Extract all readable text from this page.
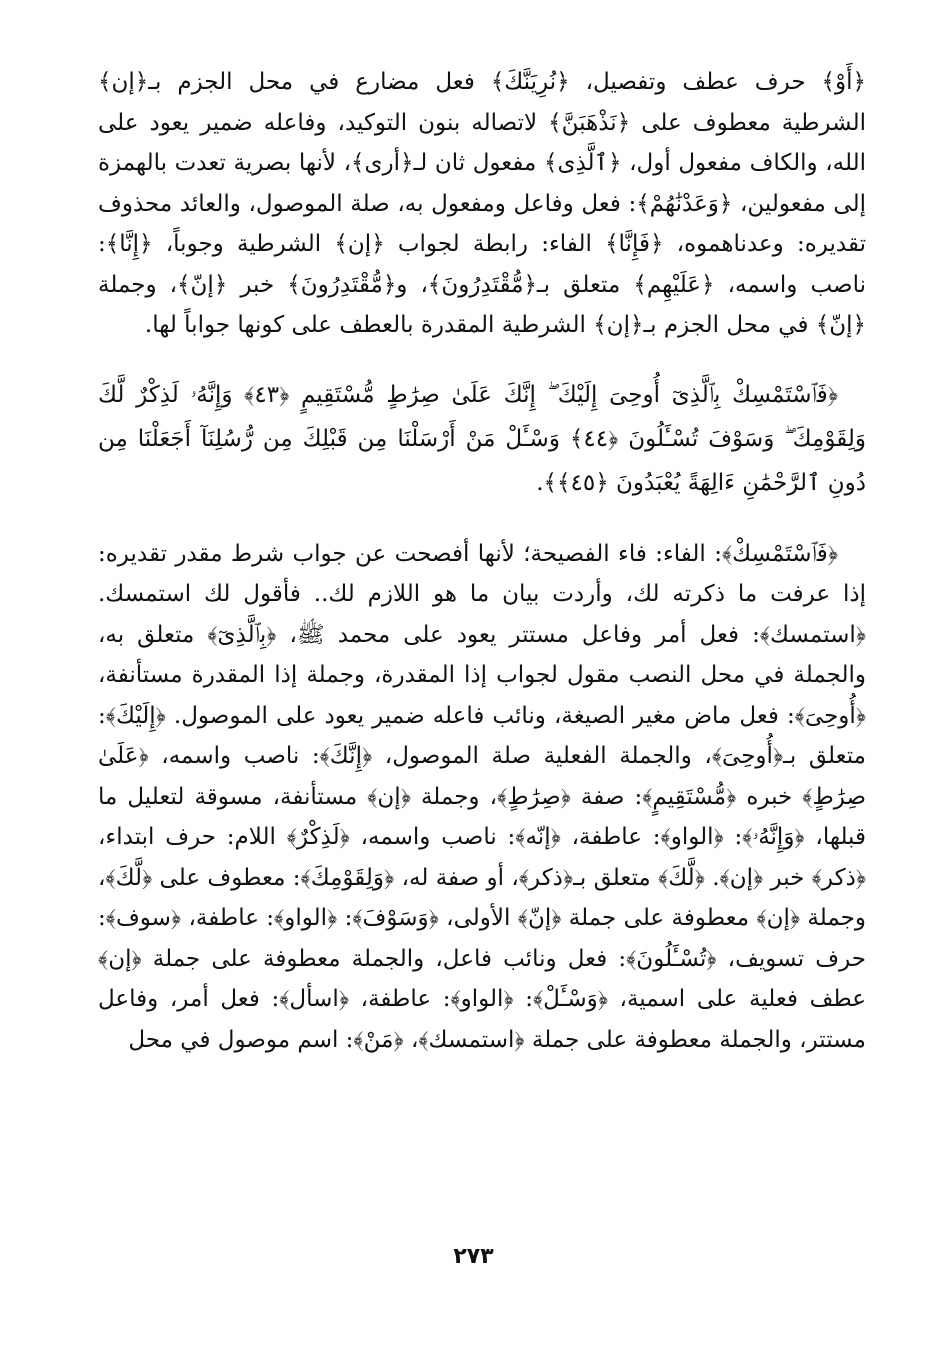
﴿أَوْ﴾ حرف عطف وتفصيل، ﴿نُرِيَنَّكَ﴾ فعل مضارع في محل الجزم بـ﴿إن﴾ الشرطية معطوف على ﴿نَذْهَبَنَّ﴾ لاتصاله بنون التوكيد، وفاعله ضمير يعود على الله، والكاف مفعول أول، ﴿ٱلَّذِى﴾ مفعول ثان لـ﴿أرى﴾، لأنها بصرية تعدت بالهمزة إلى مفعولين، ﴿وَعَدْنَٰهُمْ﴾: فعل وفاعل ومفعول به، صلة الموصول، والعائد محذوف تقديره: وعدناهموه، ﴿فَإِنَّا﴾ الفاء: رابطة لجواب ﴿إن﴾ الشرطية وجوباً، ﴿إِنَّا﴾: ناصب واسمه، ﴿عَلَيْهِم﴾ متعلق بـ﴿مُّقْتَدِرُونَ﴾، و﴿مُّقْتَدِرُونَ﴾ خبر ﴿إنّ﴾، وجملة ﴿إنّ﴾ في محل الجزم بـ﴿إن﴾ الشرطية المقدرة بالعطف على كونها جواباً لها.

﴿فَٱسْتَمْسِكْ بِٱلَّذِىٓ أُوحِىَ إِلَيْكَ ۖ إِنَّكَ عَلَىٰ صِرَٰطٍ مُّسْتَقِيمٍ ﴿٤٣﴾ وَإِنَّهُۥ لَذِكْرٌ لَّكَ وَلِقَوْمِكَ ۖ وَسَوْفَ تُسْـَٔلُونَ ﴿٤٤﴾ وَسْـَٔلْ مَنْ أَرْسَلْنَا مِن قَبْلِكَ مِن رُّسُلِنَآ أَجَعَلْنَا مِن دُونِ ٱلرَّحْمَٰنِ ءَالِهَةً يُعْبَدُونَ ﴿٤٥﴾﴾.

﴿فَٱسْتَمْسِكْ﴾: الفاء: فاء الفصيحة؛ لأنها أفصحت عن جواب شرط مقدر تقديره: إذا عرفت ما ذكرته لك، وأردت بيان ما هو اللازم لك.. فأقول لك استمسك. ﴿استمسك﴾: فعل أمر وفاعل مستتر يعود على محمد ﷺ، ﴿بِٱلَّذِىٓ﴾ متعلق به، والجملة في محل النصب مقول لجواب إذا المقدرة، وجملة إذا المقدرة مستأنفة، ﴿أُوحِىَ﴾: فعل ماض مغير الصيغة، ونائب فاعله ضمير يعود على الموصول. ﴿إِلَيْكَ﴾: متعلق بـ﴿أُوحِىَ﴾، والجملة الفعلية صلة الموصول، ﴿إِنَّكَ﴾: ناصب واسمه، ﴿عَلَىٰ صِرَٰطٍ﴾ خبره ﴿مُّسْتَقِيمٍ﴾: صفة ﴿صِرَٰطٍ﴾، وجملة ﴿إن﴾ مستأنفة، مسوقة لتعليل ما قبلها، ﴿وَإِنَّهُۥ﴾: ﴿الواو﴾: عاطفة، ﴿إنّه﴾: ناصب واسمه، ﴿لَذِكْرٌ﴾ اللام: حرف ابتداء، ﴿ذكر﴾ خبر ﴿إن﴾. ﴿لَّكَ﴾ متعلق بـ﴿ذكر﴾، أو صفة له، ﴿وَلِقَوْمِكَ﴾: معطوف على ﴿لَّكَ﴾، وجملة ﴿إن﴾ معطوفة على جملة ﴿إنّ﴾ الأولى، ﴿وَسَوْفَ﴾: ﴿الواو﴾: عاطفة، ﴿سوف﴾: حرف تسويف، ﴿تُسْـَٔلُونَ﴾: فعل ونائب فاعل، والجملة معطوفة على جملة ﴿إن﴾ عطف فعلية على اسمية، ﴿وَسْـَٔلْ﴾: ﴿الواو﴾: عاطفة، ﴿اسأل﴾: فعل أمر، وفاعل مستتر، والجملة معطوفة على جملة ﴿استمسك﴾، ﴿مَنْ﴾: اسم موصول في محل

٢٧٣
